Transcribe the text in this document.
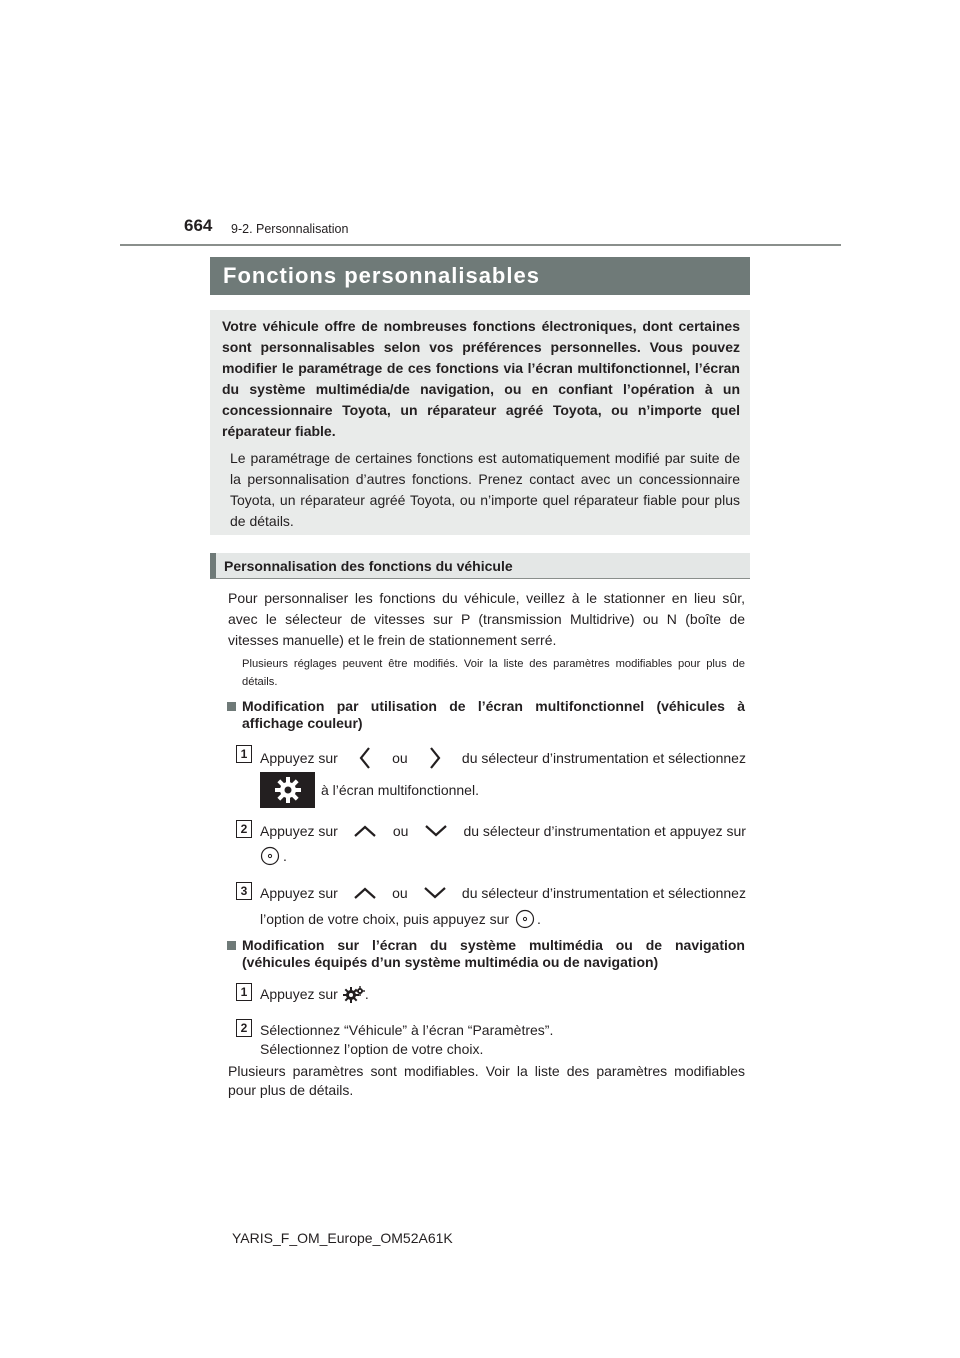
664 9-2. Personnalisation
Fonctions personnalisables
Votre véhicule offre de nombreuses fonctions électroniques, dont certaines sont personnalisables selon vos préférences personnelles. Vous pouvez modifier le paramétrage de ces fonctions via l’écran multifonctionnel, l’écran du système multimédia/de navigation, ou en confiant l’opération à un concessionnaire Toyota, un réparateur agréé Toyota, ou n’importe quel réparateur fiable.
Le paramétrage de certaines fonctions est automatiquement modifié par suite de la personnalisation d’autres fonctions. Prenez contact avec un concessionnaire Toyota, un réparateur agréé Toyota, ou n’importe quel réparateur fiable pour plus de détails.
Personnalisation des fonctions du véhicule
Pour personnaliser les fonctions du véhicule, veillez à le stationner en lieu sûr, avec le sélecteur de vitesses sur P (transmission Multidrive) ou N (boîte de vitesses manuelle) et le frein de stationnement serré.
Plusieurs réglages peuvent être modifiés. Voir la liste des paramètres modifiables pour plus de détails.
Modification par utilisation de l’écran multifonctionnel (véhicules à affichage couleur)
1 Appuyez sur	ou	du sélecteur d’instrumentation et sélectionnez
à l’écran multifonctionnel.
2 Appuyez sur	ou	du sélecteur d’instrumentation et appuyez sur
.
3 Appuyez sur	ou	du sélecteur d’instrumentation et sélectionnez
l’option de votre choix, puis appuyez sur .
Modification sur l’écran du système multimédia ou de navigation (véhicules équipés d’un système multimédia ou de navigation)
1 Appuyez sur .
2 Sélectionnez “Véhicule” à l’écran “Paramètres”.
Sélectionnez l’option de votre choix.
Plusieurs paramètres sont modifiables. Voir la liste des paramètres modifiables pour plus de détails.
YARIS_F_OM_Europe_OM52A61K
